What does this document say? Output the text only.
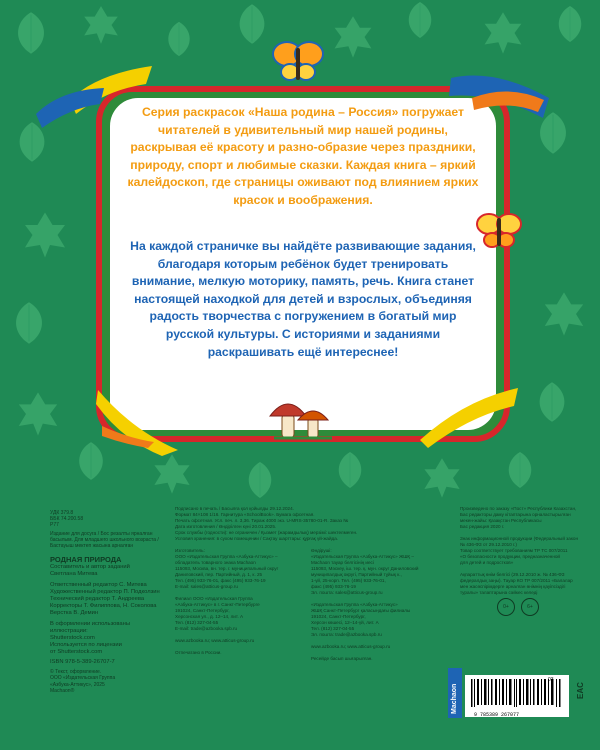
Серия раскрасок «Наша родина – Россия» погружает читателей в удивительный мир нашей родины, раскрывая её красоту и разно-образие через праздники, природу, спорт и любимые сказки. Каждая книга – яркий калейдоскоп, где страницы оживают под влиянием ярких красок и воображения.

На каждой страничке вы найдёте развивающие задания, благодаря которым ребёнок будет тренировать внимание, мелкую моторику, память, речь. Книга станет настоящей находкой для детей и взрослых, объединяя радость творчества с погружением в богатый мир русской культуры. С историями и заданиями раскрашивать ещё интереснее!

УДК 379.8
ББК 74.200.58
Р77
Издание для досуга / Бос резалты ярналған басылым. Для младшего школьного возраста / Бастауыш мектеп жасына арналған
РОДНАЯ ПРИРОДА
Составитель и автор заданий
Светлана Митева
Ответственный редактор С. Митева
Художественный редактор П. Подколзин
Технический редактор Т. Андреева
Корректоры Т. Филиппова, Н. Соколова
Верстка В. Демин
В оформлении использованы иллюстрации:
Shutterstock.com
Используется по лицензии
от Shutterstock.com
ISBN 978-5-389-26707-7
© Текст, оформление.
ООО «Издательская Группа
«Азбука-Аттикус», 2025
Machaon®
Подписано в печать / Басылға қол қойылды 29.12.2024.
Формат 84×108 1/16. Гарнитура «SchoolBook». Бумага офсетная.
Печать офсетная. Усл. печ. л. 3,36. Тираж 4000 экз. U-MRS-35780-01-R. Заказ №
Дата изготовления / Өндірілген күні 20.01.2025.
Срок службы (годности): не ограничен / Қызмет (жарамдылық) мерзімі: шектелмеген.
Условия хранения: в сухом помещении / Сақтау шарттары: құрғақ үй-жайда.
Изготовитель:
ООО «Издательская Группа «Азбука-Аттикус» –
обладатель товарного знака Machaon
115093, Москва, вн. тер. г. муниципальный округ
Даниловский, пер. Партийный, д. 1, к. 25
Тел. (495) 933-76-01, факс (495) 933-76-19
E-mail: sales@atticus-group.ru

Филиал ООО «Издательская Группа
«Азбука-Аттикус» в г. Санкт-Петербурге
191024, Санкт-Петербург,
Херсонская ул., д. 12–14, лит. А
Тел. (812) 327-04-55
E-mail: trade@azbooka.spb.ru

www.azbooka.ru; www.atticus-group.ru

Отпечатано в России.
Өндіруші:
«Издательская Группа «Азбука-Аттикус» ЖШҚ –
Machaon тауар белгісінің иесі
115093, Мәскеу, іш. тер. қ. мун. округ Даниловский
муниципалдық округі, Партийный тұйық к.,
1-үй, 25-корп. Тел. (495) 933-76-01,
факс (495) 933-76-19
Эл. пошта: sales@atticus-group.ru

«Издательская Группа «Азбука-Аттикус»
ЖШҚ Санкт-Петербург қаласындағы филиалы
191024, Санкт-Петербург,
Херсон көшесі, 12–14-үй, лит. А
Тел. (812) 327-04-55
Эл. пошта: trade@azbooka.spb.ru

www.azbooka.ru; www.atticus-group.ru

Ресейде басып шығарылған.
Произведено по заказу «Пост» Республики Казахстан,
Бас редакторы даму кітаптарына орналастырылған
мекен-жайы: Қазақстан Республикасы
Бас редакция 2020 г.

Знак информационной продукции (Федеральный закон
№ 436-ФЗ от 29.12.2010 г.)
Товар соответствует требованиям ТР ТС 007/2011
«О безопасности продукции, предназначенной
для детей и подростков»

Ақпараттық өнім белгісі (29.12.2010 ж. № 436-ФЗ
федералдық заңы). Тауар КО ТР 007/2011 «Балалар
мен жасөспірімдерге арналған өнімнің қауіпсіздігі
туралы» талаптарына сәйкес келеді
0+	6+
Machaon
9 785389 267077
03
EAC
